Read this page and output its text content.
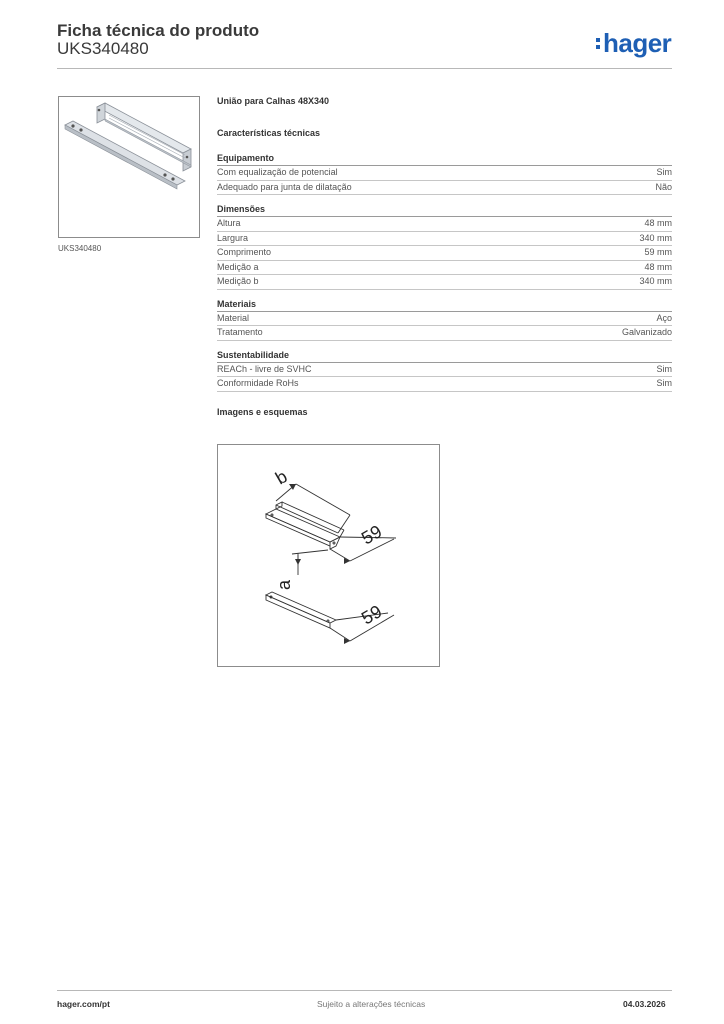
Ficha técnica do produto
UKS340480	hager
UKS340480
União para Calhas 48X340
Características técnicas
Equipamento
Com equalização de potencial	Sim
Adequado para junta de dilatação	Não
Dimensões
Altura	48 mm
Largura	340 mm
Comprimento	59 mm
Medição a	48 mm
Medição b	340 mm
Materiais
Material	Aço
Tratamento	Galvanizado
Sustentabilidade
REACh - livre de SVHC	Sim
Conformidade RoHs	Sim
Imagens e esquemas
b
a
59
59
hager.com/pt	Sujeito a alterações técnicas	04.03.2026
